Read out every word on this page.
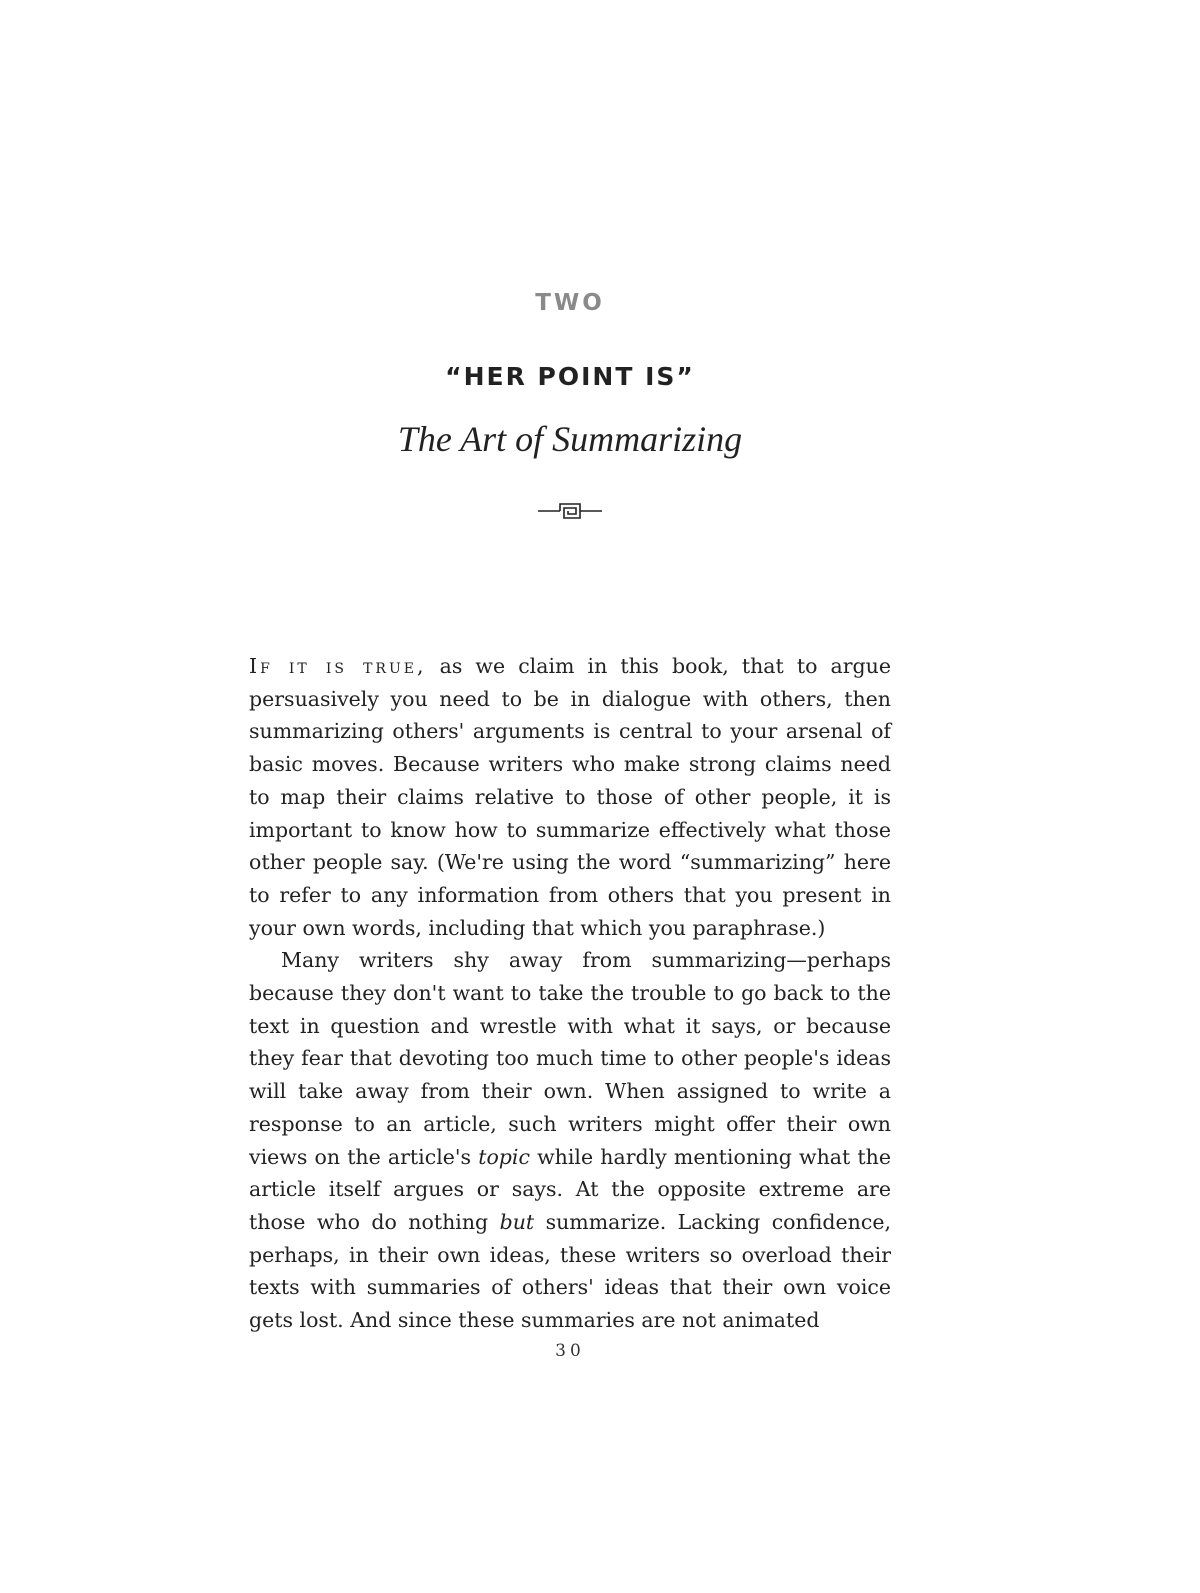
TWO
“HER POINT IS”
The Art of Summarizing

If it is true, as we claim in this book, that to argue persuasively you need to be in dialogue with others, then summarizing others' arguments is central to your arsenal of basic moves. Because writers who make strong claims need to map their claims relative to those of other people, it is important to know how to summarize effectively what those other people say. (We're using the word “summarizing” here to refer to any information from others that you present in your own words, including that which you paraphrase.)

Many writers shy away from summarizing—perhaps because they don't want to take the trouble to go back to the text in question and wrestle with what it says, or because they fear that devoting too much time to other people's ideas will take away from their own. When assigned to write a response to an article, such writers might offer their own views on the article's topic while hardly mentioning what the article itself argues or says. At the opposite extreme are those who do nothing but summarize. Lacking confidence, perhaps, in their own ideas, these writers so overload their texts with summaries of others' ideas that their own voice gets lost. And since these summaries are not animated

30
